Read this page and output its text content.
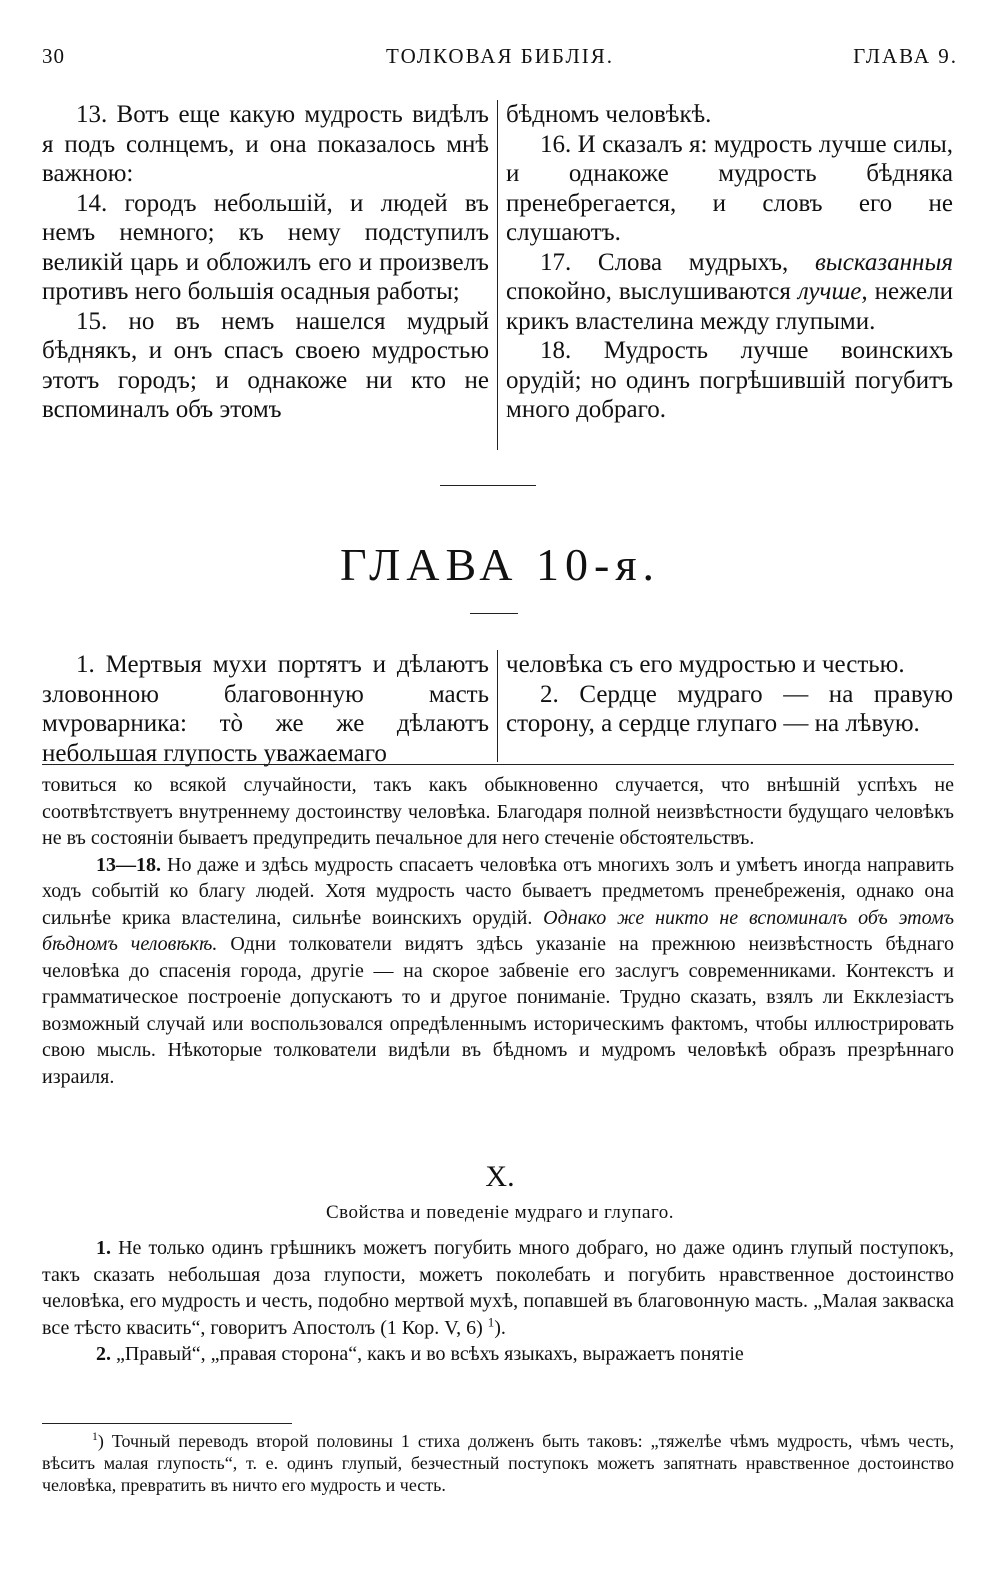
30	ТОЛКОВАЯ БИБЛІЯ.	ГЛАВА 9.

13. Вотъ еще какую мудрость видѣлъ я подъ солнцемъ, и она показалось мнѣ важною:

14. городъ небольшій, и людей въ немъ немного; къ нему подступилъ великій царь и обложилъ его и произвелъ противъ него большія осадныя работы;

15. но въ немъ нашелся мудрый бѣднякъ, и онъ спасъ своею мудростью этотъ городъ; и однакоже ни кто не вспоминалъ объ этомъ

бѣдномъ человѣкѣ.

16. И сказалъ я: мудрость лучше силы, и однакоже мудрость бѣдняка пренебрегается, и словъ его не слушаютъ.

17. Слова мудрыхъ, высказанныя спокойно, выслушиваются лучше, нежели крикъ властелина между глупыми.

18. Мудрость лучше воинскихъ орудій; но одинъ погрѣшившій погубитъ много добраго.

ГЛАВА 10-я.

1. Мертвыя мухи портятъ и дѣлаютъ зловонною благовонную масть мvроварника: тò же же дѣлаютъ небольшая глупость уважаемаго

человѣка съ его мудростью и честью.

2. Сердце мудраго — на правую сторону, а сердце глупаго — на лѣвую.

товиться ко всякой случайности, такъ какъ обыкновенно случается, что внѣшній успѣхъ не соотвѣтствуетъ внутреннему достоинству человѣка. Благодаря полной неизвѣстности будущаго человѣкъ не въ состояніи бываетъ предупредить печальное для него стеченіе обстоятельствъ.

13—18. Но даже и здѣсь мудрость спасаетъ человѣка отъ многихъ золъ и умѣетъ иногда направить ходъ событій ко благу людей. Хотя мудрость часто бываетъ предметомъ пренебреженія, однако она сильнѣе крика властелина, сильнѣе воинскихъ орудій. Однако же никто не вспоминалъ объ этомъ бѣдномъ человѣкѣ. Одни толкователи видятъ здѣсь указаніе на прежнюю неизвѣстность бѣднаго человѣка до спасенія города, другіе — на скорое забвеніе его заслугъ современниками. Контекстъ и грамматическое построеніе допускаютъ то и другое пониманіе. Трудно сказать, взялъ ли Екклезіастъ возможный случай или воспользовался опредѣленнымъ историческимъ фактомъ, чтобы иллюстрировать свою мысль. Нѣкоторые толкователи видѣли въ бѣдномъ и мудромъ человѣкѣ образъ презрѣннаго израиля.

X.
Свойства и поведеніе мудраго и глупаго.

1. Не только одинъ грѣшникъ можетъ погубить много добраго, но даже одинъ глупый поступокъ, такъ сказать небольшая доза глупости, можетъ поколебать и погубить нравственное достоинство человѣка, его мудрость и честь, подобно мертвой мухѣ, попавшей въ благовонную масть. „Малая закваска все тѣсто квасить“, говоритъ Апостолъ (1 Кор. V, 6) $^1$).

2. „Правый“, „правая сторона“, какъ и во всѣхъ языкахъ, выражаетъ понятіе

$^1$) Точный переводъ второй половины 1 стиха долженъ быть таковъ: „тяжелѣе чѣмъ мудрость, чѣмъ честь, вѣситъ малая глупость“, т. е. одинъ глупый, безчестный поступокъ можетъ запятнать нравственное достоинство человѣка, превратить въ ничто его мудрость и честь.
